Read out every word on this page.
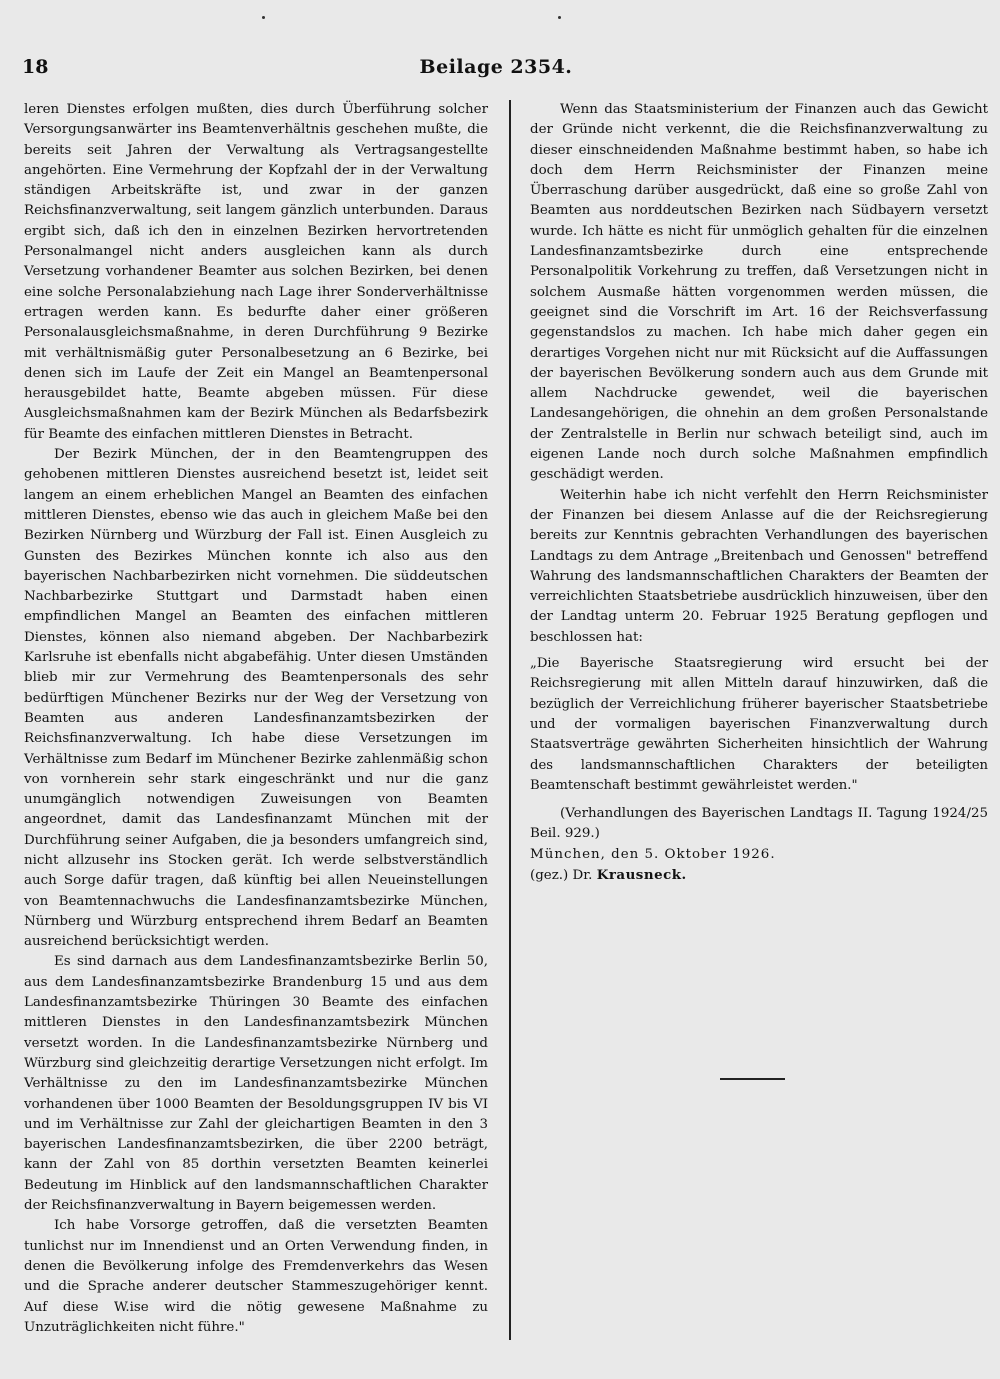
18	Beilage 2354.

leren Dienstes erfolgen mußten, dies durch Überführung solcher Versorgungsanwärter ins Beamtenverhältnis geschehen mußte, die bereits seit Jahren der Verwaltung als Vertragsangestellte angehörten. Eine Vermehrung der Kopfzahl der in der Verwaltung ständigen Arbeitskräfte ist, und zwar in der ganzen Reichsfinanzverwaltung, seit langem gänzlich unterbunden. Daraus ergibt sich, daß ich den in einzelnen Bezirken hervortretenden Personalmangel nicht anders ausgleichen kann als durch Versetzung vorhandener Beamter aus solchen Bezirken, bei denen eine solche Personalabziehung nach Lage ihrer Sonderverhältnisse ertragen werden kann. Es bedurfte daher einer größeren Personalausgleichsmaßnahme, in deren Durchführung 9 Bezirke mit verhältnismäßig guter Personalbesetzung an 6 Bezirke, bei denen sich im Laufe der Zeit ein Mangel an Beamtenpersonal herausgebildet hatte, Beamte abgeben müssen. Für diese Ausgleichsmaßnahmen kam der Bezirk München als Bedarfsbezirk für Beamte des einfachen mittleren Dienstes in Betracht.

Der Bezirk München, der in den Beamtengruppen des gehobenen mittleren Dienstes ausreichend besetzt ist, leidet seit langem an einem erheblichen Mangel an Beamten des einfachen mittleren Dienstes, ebenso wie das auch in gleichem Maße bei den Bezirken Nürnberg und Würzburg der Fall ist. Einen Ausgleich zu Gunsten des Bezirkes München konnte ich also aus den bayerischen Nachbarbezirken nicht vornehmen. Die süddeutschen Nachbarbezirke Stuttgart und Darmstadt haben einen empfindlichen Mangel an Beamten des einfachen mittleren Dienstes, können also niemand abgeben. Der Nachbarbezirk Karlsruhe ist ebenfalls nicht abgabefähig. Unter diesen Umständen blieb mir zur Vermehrung des Beamtenpersonals des sehr bedürftigen Münchener Bezirks nur der Weg der Versetzung von Beamten aus anderen Landesfinanzamtsbezirken der Reichsfinanzverwaltung. Ich habe diese Versetzungen im Verhältnisse zum Bedarf im Münchener Bezirke zahlenmäßig schon von vornherein sehr stark eingeschränkt und nur die ganz unumgänglich notwendigen Zuweisungen von Beamten angeordnet, damit das Landesfinanzamt München mit der Durchführung seiner Aufgaben, die ja besonders umfangreich sind, nicht allzusehr ins Stocken gerät. Ich werde selbstverständlich auch Sorge dafür tragen, daß künftig bei allen Neueinstellungen von Beamtennachwuchs die Landesfinanzamtsbezirke München, Nürnberg und Würzburg entsprechend ihrem Bedarf an Beamten ausreichend berücksichtigt werden.

Es sind darnach aus dem Landesfinanzamtsbezirke Berlin 50, aus dem Landesfinanzamtsbezirke Brandenburg 15 und aus dem Landesfinanzamtsbezirke Thüringen 30 Beamte des einfachen mittleren Dienstes in den Landesfinanzamtsbezirk München versetzt worden. In die Landesfinanzamtsbezirke Nürnberg und Würzburg sind gleichzeitig derartige Versetzungen nicht erfolgt. Im Verhältnisse zu den im Landesfinanzamtsbezirke München vorhandenen über 1000 Beamten der Besoldungsgruppen IV bis VI und im Verhältnisse zur Zahl der gleichartigen Beamten in den 3 bayerischen Landesfinanzamtsbezirken, die über 2200 beträgt, kann der Zahl von 85 dorthin versetzten Beamten keinerlei Bedeutung im Hinblick auf den landsmannschaftlichen Charakter der Reichsfinanzverwaltung in Bayern beigemessen werden.

Ich habe Vorsorge getroffen, daß die versetzten Beamten tunlichst nur im Innendienst und an Orten Verwendung finden, in denen die Bevölkerung infolge des Fremdenverkehrs das Wesen und die Sprache anderer deutscher Stammeszugehöriger kennt. Auf diese W.ise wird die nötig gewesene Maßnahme zu Unzuträglichkeiten nicht führe."

Wenn das Staatsministerium der Finanzen auch das Gewicht der Gründe nicht verkennt, die die Reichsfinanzverwaltung zu dieser einschneidenden Maßnahme bestimmt haben, so habe ich doch dem Herrn Reichsminister der Finanzen meine Überraschung darüber ausgedrückt, daß eine so große Zahl von Beamten aus norddeutschen Bezirken nach Südbayern versetzt wurde. Ich hätte es nicht für unmöglich gehalten für die einzelnen Landesfinanzamtsbezirke durch eine entsprechende Personalpolitik Vorkehrung zu treffen, daß Versetzungen nicht in solchem Ausmaße hätten vorgenommen werden müssen, die geeignet sind die Vorschrift im Art. 16 der Reichsverfassung gegenstandslos zu machen. Ich habe mich daher gegen ein derartiges Vorgehen nicht nur mit Rücksicht auf die Auffassungen der bayerischen Bevölkerung sondern auch aus dem Grunde mit allem Nachdrucke gewendet, weil die bayerischen Landesangehörigen, die ohnehin an dem großen Personalstande der Zentralstelle in Berlin nur schwach beteiligt sind, auch im eigenen Lande noch durch solche Maßnahmen empfindlich geschädigt werden.

Weiterhin habe ich nicht verfehlt den Herrn Reichsminister der Finanzen bei diesem Anlasse auf die der Reichsregierung bereits zur Kenntnis gebrachten Verhandlungen des bayerischen Landtags zu dem Antrage „Breitenbach und Genossen" betreffend Wahrung des landsmannschaftlichen Charakters der Beamten der verreichlichten Staatsbetriebe ausdrücklich hinzuweisen, über den der Landtag unterm 20. Februar 1925 Beratung gepflogen und beschlossen hat:

„Die Bayerische Staatsregierung wird ersucht bei der Reichsregierung mit allen Mitteln darauf hinzuwirken, daß die bezüglich der Verreichlichung früherer bayerischer Staatsbetriebe und der vormaligen bayerischen Finanzverwaltung durch Staatsverträge gewährten Sicherheiten hinsichtlich der Wahrung des landsmannschaftlichen Charakters der beteiligten Beamtenschaft bestimmt gewährleistet werden."

(Verhandlungen des Bayerischen Landtags II. Tagung 1924/25 Beil. 929.)

München, den 5. Oktober 1926.

(gez.) Dr. Krausneck.
